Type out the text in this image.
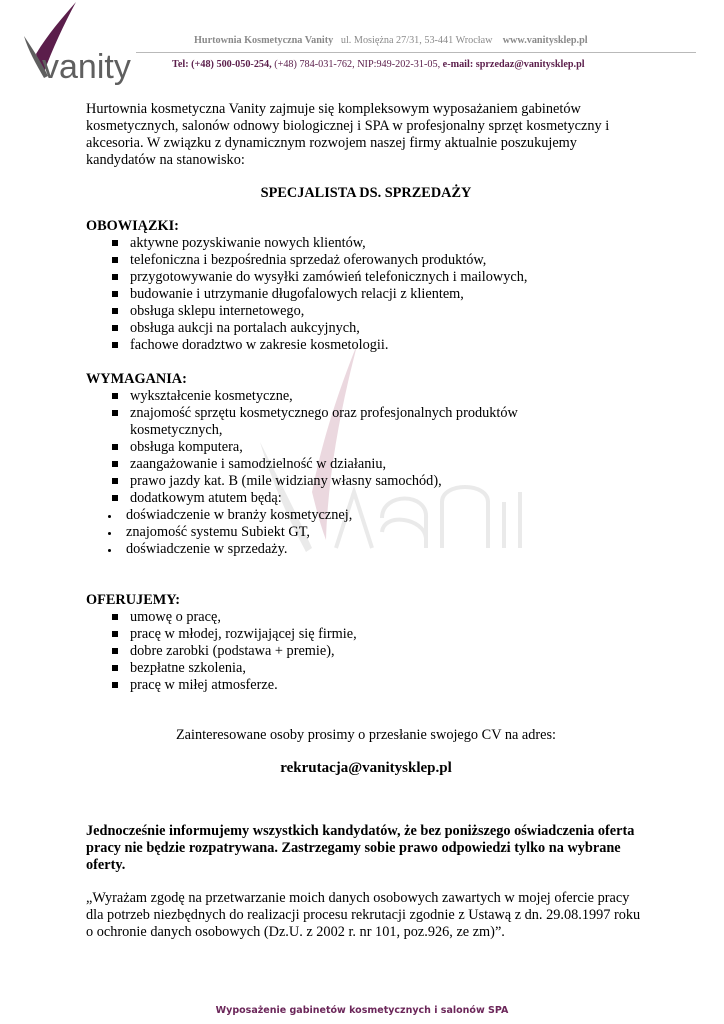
vanity
Hurtownia Kosmetyczna Vanity ul. Mosiężna 27/31, 53-441 Wrocław www.vanitysklep.pl
Tel: (+48) 500-050-254, (+48) 784-031-762, NIP:949-202-31-05, e-mail: sprzedaz@vanitysklep.pl

Hurtownia kosmetyczna Vanity zajmuje się kompleksowym wyposażaniem gabinetów kosmetycznych, salonów odnowy biologicznej i SPA w profesjonalny sprzęt kosmetyczny i akcesoria. W związku z dynamicznym rozwojem naszej firmy aktualnie poszukujemy kandydatów na stanowisko:

SPECJALISTA DS. SPRZEDAŻY

OBOWIĄZKI:

aktywne pozyskiwanie nowych klientów,
telefoniczna i bezpośrednia sprzedaż oferowanych produktów,
przygotowywanie do wysyłki zamówień telefonicznych i mailowych,
budowanie i utrzymanie długofalowych relacji z klientem,
obsługa sklepu internetowego,
obsługa aukcji na portalach aukcyjnych,
fachowe doradztwo w zakresie kosmetologii.

WYMAGANIA:

wykształcenie kosmetyczne,
znajomość sprzętu kosmetycznego oraz profesjonalnych produktów kosmetycznych,
obsługa komputera,
zaangażowanie i samodzielność w działaniu,
prawo jazdy kat. B (mile widziany własny samochód),
dodatkowym atutem będą:
doświadczenie w branży kosmetycznej,
znajomość systemu Subiekt GT,
doświadczenie w sprzedaży.

OFERUJEMY:

umowę o pracę,
pracę w młodej, rozwijającej się firmie,
dobre zarobki (podstawa + premie),
bezpłatne szkolenia,
pracę w miłej atmosferze.

Zainteresowane osoby prosimy o przesłanie swojego CV na adres:

rekrutacja@vanitysklep.pl

Jednocześnie informujemy wszystkich kandydatów, że bez poniższego oświadczenia oferta pracy nie będzie rozpatrywana. Zastrzegamy sobie prawo odpowiedzi tylko na wybrane oferty.

„Wyrażam zgodę na przetwarzanie moich danych osobowych zawartych w mojej ofercie pracy dla potrzeb niezbędnych do realizacji procesu rekrutacji zgodnie z Ustawą z dn. 29.08.1997 roku o ochronie danych osobowych (Dz.U. z 2002 r. nr 101, poz.926, ze zm)”.

Wyposażenie gabinetów kosmetycznych i salonów SPA
